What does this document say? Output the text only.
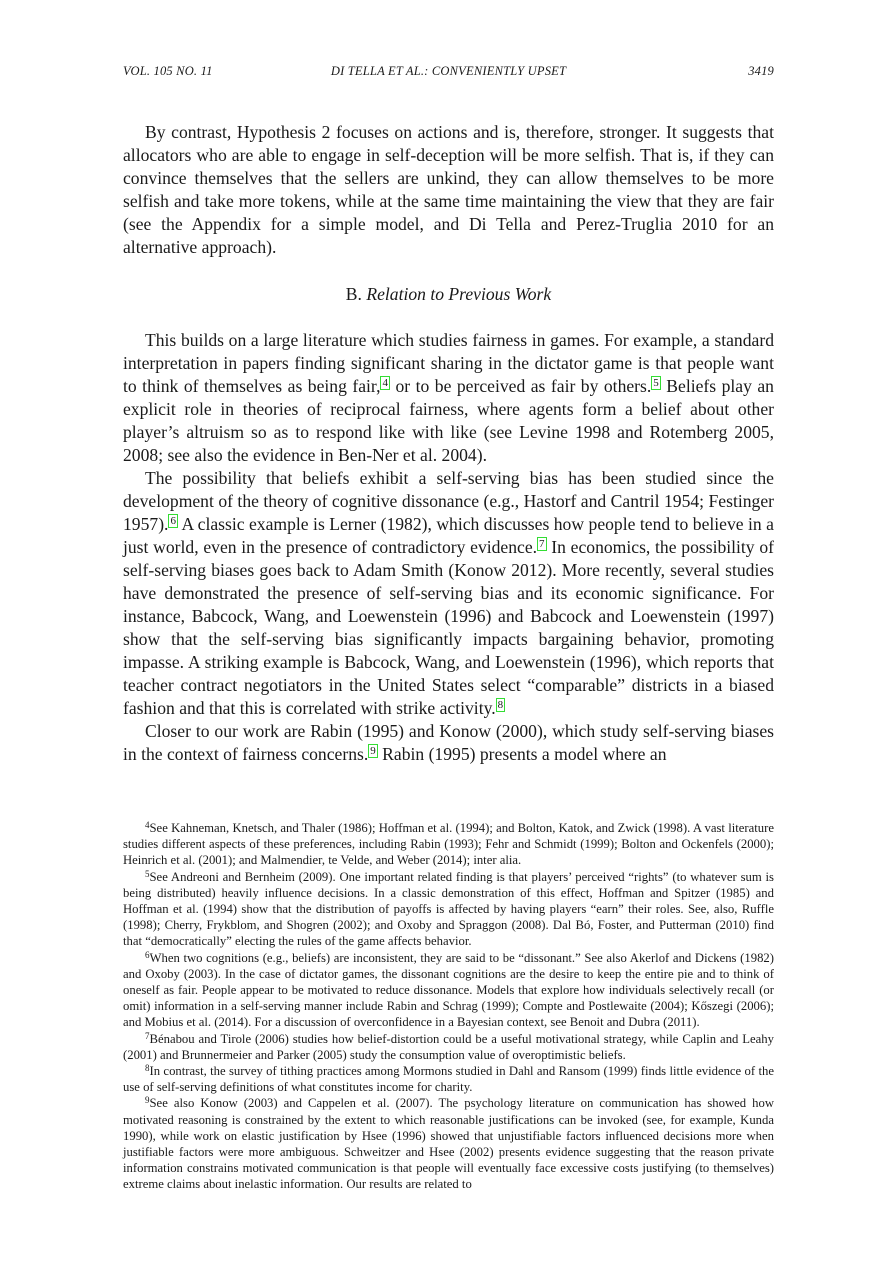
VOL. 105 NO. 11	DI TELLA ET AL.: CONVENIENTLY UPSET	3419

By contrast, Hypothesis 2 focuses on actions and is, therefore, stronger. It suggests that allocators who are able to engage in self-deception will be more selfish. That is, if they can convince themselves that the sellers are unkind, they can allow themselves to be more selfish and take more tokens, while at the same time maintaining the view that they are fair (see the Appendix for a simple model, and Di Tella and Perez-Truglia 2010 for an alternative approach).

B. Relation to Previous Work

This builds on a large literature which studies fairness in games. For example, a standard interpretation in papers finding significant sharing in the dictator game is that people want to think of themselves as being fair, $^4$ or to be perceived as fair by others. $^5$ Beliefs play an explicit role in theories of reciprocal fairness, where agents form a belief about other player’s altruism so as to respond like with like (see Levine 1998 and Rotemberg 2005, 2008; see also the evidence in Ben-Ner et al. 2004).

The possibility that beliefs exhibit a self-serving bias has been studied since the development of the theory of cognitive dissonance (e.g., Hastorf and Cantril 1954; Festinger 1957). $^6$ A classic example is Lerner (1982), which discusses how people tend to believe in a just world, even in the presence of contradictory evidence. $^7$ In economics, the possibility of self-serving biases goes back to Adam Smith (Konow 2012). More recently, several studies have demonstrated the presence of self-serving bias and its economic significance. For instance, Babcock, Wang, and Loewenstein (1996) and Babcock and Loewenstein (1997) show that the self-serving bias significantly impacts bargaining behavior, promoting impasse. A striking example is Babcock, Wang, and Loewenstein (1996), which reports that teacher contract negotiators in the United States select “comparable” districts in a biased fashion and that this is correlated with strike activity. $^8$

Closer to our work are Rabin (1995) and Konow (2000), which study self-serving biases in the context of fairness concerns. $^9$ Rabin (1995) presents a model where an

$^4$See Kahneman, Knetsch, and Thaler (1986); Hoffman et al. (1994); and Bolton, Katok, and Zwick (1998). A vast literature studies different aspects of these preferences, including Rabin (1993); Fehr and Schmidt (1999); Bolton and Ockenfels (2000); Heinrich et al. (2001); and Malmendier, te Velde, and Weber (2014); inter alia.

$^5$See Andreoni and Bernheim (2009). One important related finding is that players’ perceived “rights” (to whatever sum is being distributed) heavily influence decisions. In a classic demonstration of this effect, Hoffman and Spitzer (1985) and Hoffman et al. (1994) show that the distribution of payoffs is affected by having players “earn” their roles. See, also, Ruffle (1998); Cherry, Frykblom, and Shogren (2002); and Oxoby and Spraggon (2008). Dal Bó, Foster, and Putterman (2010) find that “democratically” electing the rules of the game affects behavior.

$^6$When two cognitions (e.g., beliefs) are inconsistent, they are said to be “dissonant.” See also Akerlof and Dickens (1982) and Oxoby (2003). In the case of dictator games, the dissonant cognitions are the desire to keep the entire pie and to think of oneself as fair. People appear to be motivated to reduce dissonance. Models that explore how individuals selectively recall (or omit) information in a self-serving manner include Rabin and Schrag (1999); Compte and Postlewaite (2004); Kőszegi (2006); and Mobius et al. (2014). For a discussion of overconfidence in a Bayesian context, see Benoit and Dubra (2011).

$^7$Bénabou and Tirole (2006) studies how belief-distortion could be a useful motivational strategy, while Caplin and Leahy (2001) and Brunnermeier and Parker (2005) study the consumption value of overoptimistic beliefs.

$^8$In contrast, the survey of tithing practices among Mormons studied in Dahl and Ransom (1999) finds little evidence of the use of self-serving definitions of what constitutes income for charity.

$^9$See also Konow (2003) and Cappelen et al. (2007). The psychology literature on communication has showed how motivated reasoning is constrained by the extent to which reasonable justifications can be invoked (see, for example, Kunda 1990), while work on elastic justification by Hsee (1996) showed that unjustifiable factors influenced decisions more when justifiable factors were more ambiguous. Schweitzer and Hsee (2002) presents evidence suggesting that the reason private information constrains motivated communication is that people will eventually face excessive costs justifying (to themselves) extreme claims about inelastic information. Our results are related to
